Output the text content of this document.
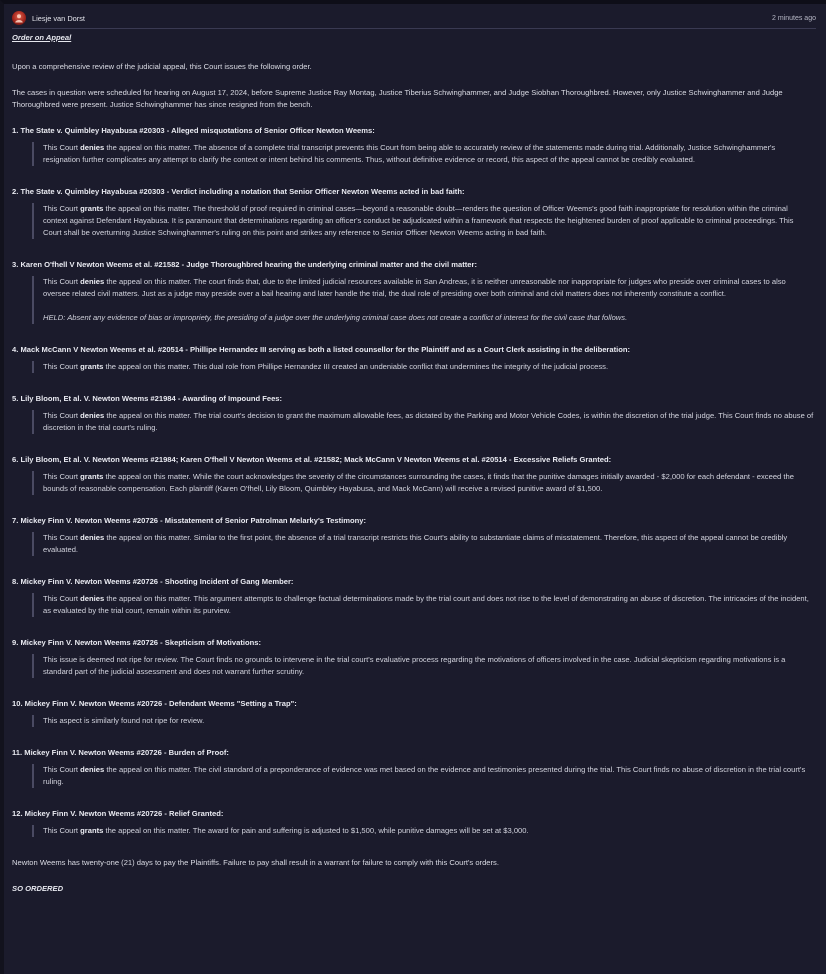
Liesje van Dorst	2 minutes ago

Order on Appeal

Upon a comprehensive review of the judicial appeal, this Court issues the following order.

The cases in question were scheduled for hearing on August 17, 2024, before Supreme Justice Ray Montag, Justice Tiberius Schwinghammer, and Judge Siobhan Thoroughbred. However, only Justice Schwinghammer and Judge Thoroughbred were present. Justice Schwinghammer has since resigned from the bench.

1. The State v. Quimbley Hayabusa #20303 - Alleged misquotations of Senior Officer Newton Weems:
This Court denies the appeal on this matter. The absence of a complete trial transcript prevents this Court from being able to accurately review of the statements made during trial. Additionally, Justice Schwinghammer's resignation further complicates any attempt to clarify the context or intent behind his comments. Thus, without definitive evidence or record, this aspect of the appeal cannot be credibly evaluated.
2. The State v. Quimbley Hayabusa #20303 - Verdict including a notation that Senior Officer Newton Weems acted in bad faith:
This Court grants the appeal on this matter. The threshold of proof required in criminal cases—beyond a reasonable doubt—renders the question of Officer Weems's good faith inappropriate for resolution within the criminal context against Defendant Hayabusa. It is paramount that determinations regarding an officer's conduct be adjudicated within a framework that respects the heightened burden of proof applicable to criminal proceedings. This Court shall be overturning Justice Schwinghammer's ruling on this point and strikes any reference to Senior Officer Newton Weems acting in bad faith.
3. Karen O'fhell V Newton Weems et al. #21582 - Judge Thoroughbred hearing the underlying criminal matter and the civil matter:
This Court denies the appeal on this matter. The court finds that, due to the limited judicial resources available in San Andreas, it is neither unreasonable nor inappropriate for judges who preside over criminal cases to also oversee related civil matters. Just as a judge may preside over a bail hearing and later handle the trial, the dual role of presiding over both criminal and civil matters does not inherently constitute a conflict.

HELD: Absent any evidence of bias or impropriety, the presiding of a judge over the underlying criminal case does not create a conflict of interest for the civil case that follows.

4. Mack McCann V Newton Weems et al. #20514 - Phillipe Hernandez III serving as both a listed counsellor for the Plaintiff and as a Court Clerk assisting in the deliberation:
This Court grants the appeal on this matter. This dual role from Phillipe Hernandez III created an undeniable conflict that undermines the integrity of the judicial process.
5. Lily Bloom, Et al. V. Newton Weems #21984 - Awarding of Impound Fees:
This Court denies the appeal on this matter. The trial court's decision to grant the maximum allowable fees, as dictated by the Parking and Motor Vehicle Codes, is within the discretion of the trial judge. This Court finds no abuse of discretion in the trial court's ruling.
6. Lily Bloom, Et al. V. Newton Weems #21984; Karen O'fhell V Newton Weems et al. #21582; Mack McCann V Newton Weems et al. #20514 - Excessive Reliefs Granted:
This Court grants the appeal on this matter. While the court acknowledges the severity of the circumstances surrounding the cases, it finds that the punitive damages initially awarded - $2,000 for each defendant - exceed the bounds of reasonable compensation. Each plaintiff (Karen O'fhell, Lily Bloom, Quimbley Hayabusa, and Mack McCann) will receive a revised punitive award of $1,500.
7. Mickey Finn V. Newton Weems #20726 - Misstatement of Senior Patrolman Melarky's Testimony:
This Court denies the appeal on this matter. Similar to the first point, the absence of a trial transcript restricts this Court's ability to substantiate claims of misstatement. Therefore, this aspect of the appeal cannot be credibly evaluated.
8. Mickey Finn V. Newton Weems #20726 - Shooting Incident of Gang Member:
This Court denies the appeal on this matter. This argument attempts to challenge factual determinations made by the trial court and does not rise to the level of demonstrating an abuse of discretion. The intricacies of the incident, as evaluated by the trial court, remain within its purview.
9. Mickey Finn V. Newton Weems #20726 - Skepticism of Motivations:
This issue is deemed not ripe for review. The Court finds no grounds to intervene in the trial court's evaluative process regarding the motivations of officers involved in the case. Judicial skepticism regarding motivations is a standard part of the judicial assessment and does not warrant further scrutiny.
10. Mickey Finn V. Newton Weems #20726 - Defendant Weems "Setting a Trap":
This aspect is similarly found not ripe for review.
11. Mickey Finn V. Newton Weems #20726 - Burden of Proof:
This Court denies the appeal on this matter. The civil standard of a preponderance of evidence was met based on the evidence and testimonies presented during the trial. This Court finds no abuse of discretion in the trial court's ruling.
12. Mickey Finn V. Newton Weems #20726 - Relief Granted:
This Court grants the appeal on this matter. The award for pain and suffering is adjusted to $1,500, while punitive damages will be set at $3,000.

Newton Weems has twenty-one (21) days to pay the Plaintiffs. Failure to pay shall result in a warrant for failure to comply with this Court's orders.

SO ORDERED
